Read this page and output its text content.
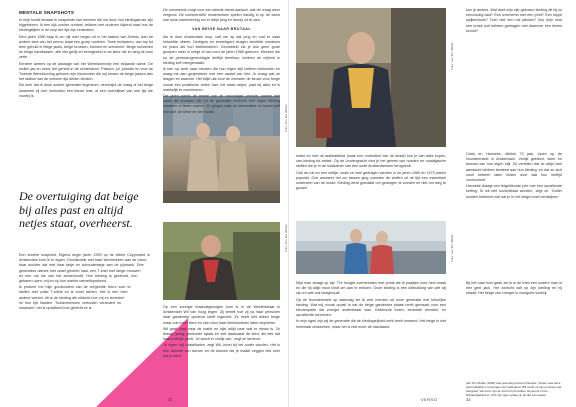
MENTALE SNAPSHOTS

In mijn hoofd bewaar ik snapshots van mensen die me door hun kledingkeuze zijn bijgebleven. Ik ben kijk zonder oordeel, telkens met ouderen kijkend naar hoe de kledingstijlen in de loop der tijd zijn veranderd.

Eind jaren 1980 stap ik om vijf over negen uit in het station van Almelo. Aan de andere kant van het perron staat een groep ouderen. Twee echtparen, van top tot teen gehuld in beige jacks, beige broeken, bruinen en schoenen. Beige schoenen en beige handtassen, alle vier gelijk en eensgezind in de kleur die zo lang de toon zette.

Eerdere winters op de passage van het Wereldomroep een bejaarde dame. De wollen jas en hoed, het geheel in de ochtendzon. Pastoor, juf, priester en voor de Tweede Wereldoorlog geboren zijn kleurcodes die mij tussen de beige jassen aan het station van de verloren tijd deden denken.

Elk keer dat ik deze oudere generatie tegenkom, verschijnt de vraag of het beige waarmee zij zich omhulden een keuze was, of een overblijfsel van een tijd die voorbij is.

De overtuiging dat beige bij alles past en altijd netjes staat, overheerst.

Een andere snapshot. Eigens begin jaren 1990 op de Albert Cuypmarkt in Amsterdam kom ik er tegen. Onvoltooide met haar klerebrieken aan de hand, haar dochter dat met haar tasje en schoudertasje aan de pijnbank. Drie generaties dames met zwart geverfd haar, een T-shirt met lange mouwen en een rok die van het achterhoofd. Hun kleding is gekleurd, hun gebaren open, vrij en op hun manier vanzelfsprekend.

Ik probeer me mijn grootouders van de vergeelde foto's voor te stellen met zulke T-shirts en ik moet lachen. Het is een heel andere wereld; dit is de kleding die uitdrukt hoe vrij en tevreden ze hun tijd hadden. Tussenmensen verboden verandert en verandert, het is opvallend hoe geverfd ze is.

Foto: Jan Ten Wolde
Foto: Jan Ten Wolde

De commercie zorgt voor een steeds nieuw aanbod, wat de vraag weer vergroot. De commerciële modemerken spelen handig in op de wens van onze samenleving om er altijd jong en trendy uit te zien.

VAN BEIGE NAAR BRUTAAL

Als ik door Amsterdam loop, valt me op dat jong en oud er vaak hetzelfde uitzien. Dertigers en zeventigers dragen dezelfde sneakers en jeans als hun kleinkinderen. Gemiddeld zie je dus geen grote groepen meer in beige of van voor de jaren 1960 geboren. Mensen die nu de pensioengerechtigde leeftijd bereiken, hebben de vrijheid in kleding zelf meegemaakt.

Ik ben op zoek naar mensen die hun eigen stijl hebben behouden en waag me aan gesprekken met een aantal van hen. Ik vraag wat ze dragen en waarom. Het blijkt dat voor de meesten de keuze voor beige vooral een praktische reden had: het staat netjes, past bij alles en is makkelijk te combineren.

Die jaren waren de eerste van de naoorlogse periode, waarin met name de vrouwen die tot de generatie behoren hun eigen kleding maakten of lieten maken. Ze gingen naar de kleermaker en kozen zelf hun stof, de kleur en het model.

Op een zonnige maandagmorgen kom ik in de Westerstraat in Amsterdam Wil van hoog tegen. Zij vertelt hoe zij na haar pensioen haar garderobe opnieuw heeft ingericht. Ze heeft niet alleen beige maar ook meer kleur en zich door haar kleinkinderen laten inspireren.

Wil gaat vaak naar de markt en kijkt altijd naar wat er nieuw is. Ze draagt graag gekleurde sjaals en ziet daarnaast de kleur als iets dat haar energie geeft. 'Je wordt er vrolijk van,' zegt ze lachend.

Je eigen stijl ontwikkelen, zegt Wil, hoort bij het ouder worden. Het is een kwestie van durven en de keuzes die je maakt zeggen iets over wie je bent.

32
Foto: Jan Ten Wolde
Foto: Jan Ten Wolde

markt en met de taalmarkthal (vaak een onderdeel van de straat) kon je van alles kopen, van kleding tot antiek. Op de Lindengracht vind je het geheel van hoeden en nostalgische stoffen die je in de huiskamer van een oude Amsterdammer terugvindt.

Ook de rok en een shirtje, zoals ze veel gedragen werden in de jaren 1960 en 1970 waren populair. Ook wanneer het om tassen ging vormden de stoffen uit de tijd een essentieel onderdeel van de mode: Kleding werd gemaakt om gedragen te worden en niet om weg te gooien.

Mijn man draagt op zijn 77e hoogte overhemden met prints die ik paaltjes voor hem maak en die hij altijd mooi vindt om aan te trekken. Onze kleding is een uitdrukking van wie wij zijn en wat ons bezighoudt.

Op de Noordermarkt op zaterdag zie ik veel mensen uit onze generatie met kleurrijke kleding. Wat mij vooral opvalt is dat de beige garderobe plaats heeft gemaakt voor een kleurenpalet dat vroeger ondenkbaar was. Gekleurde truien, bedrukte hemden, en opvallende schoenen.

In mijn ogen zijn wij de generatie die de kledingvrijheid echt heeft omarmd. Het beige is niet helemaal verdwenen, maar het is niet meer de standaard.

kon je anders. Wat doet mijn zijn gekozen kleding dit bij zo eenvoudig vast? Een overhemd met een print? Een hippe spijkerbroek? Toch niet een rok jaksien? Zou mijn oma een broek ooit hebben gedragen met daarover een linnen schort?

Carla en Hanneke, allebei 70 jaar, lopen op de Noordermarkt in Amsterdam. Vrolijk gekleed, stoer en bewust van hun eigen stijl. Ze vertellen dat ze altijd veel aandacht hebben besteed aan hun kleding, en dat ze zich nooit hebben laten leiden door wat hun leeftijd voorschreef.

Hanneke draagt een felgekleurde jurk met een opvallende ketting. 'Ik wil niet onzichtbaar worden,' zegt ze. 'Ouder worden betekent niet dat je in het beige moet verdwijnen.'

Bij het naar huis gaan zie ik in de tram een oudere man in een geel jack. Het zonlicht valt op zijn kleding en hij straalt. Het beige van vroeger is voorgoed voorbij.

Jan Ten Wolde (1960) was jarenlang docent Filosofie. Verder was deze uitzonderlijke in Groningen de Nederland. Wil werkt na zijn pensioen als fotograaf. Van hem zijn de foto's bij dit artikel. Hij woont in het Rijnlandgebied en richt zijn ogen graag op de tijd van weleer.
VERSO	33
